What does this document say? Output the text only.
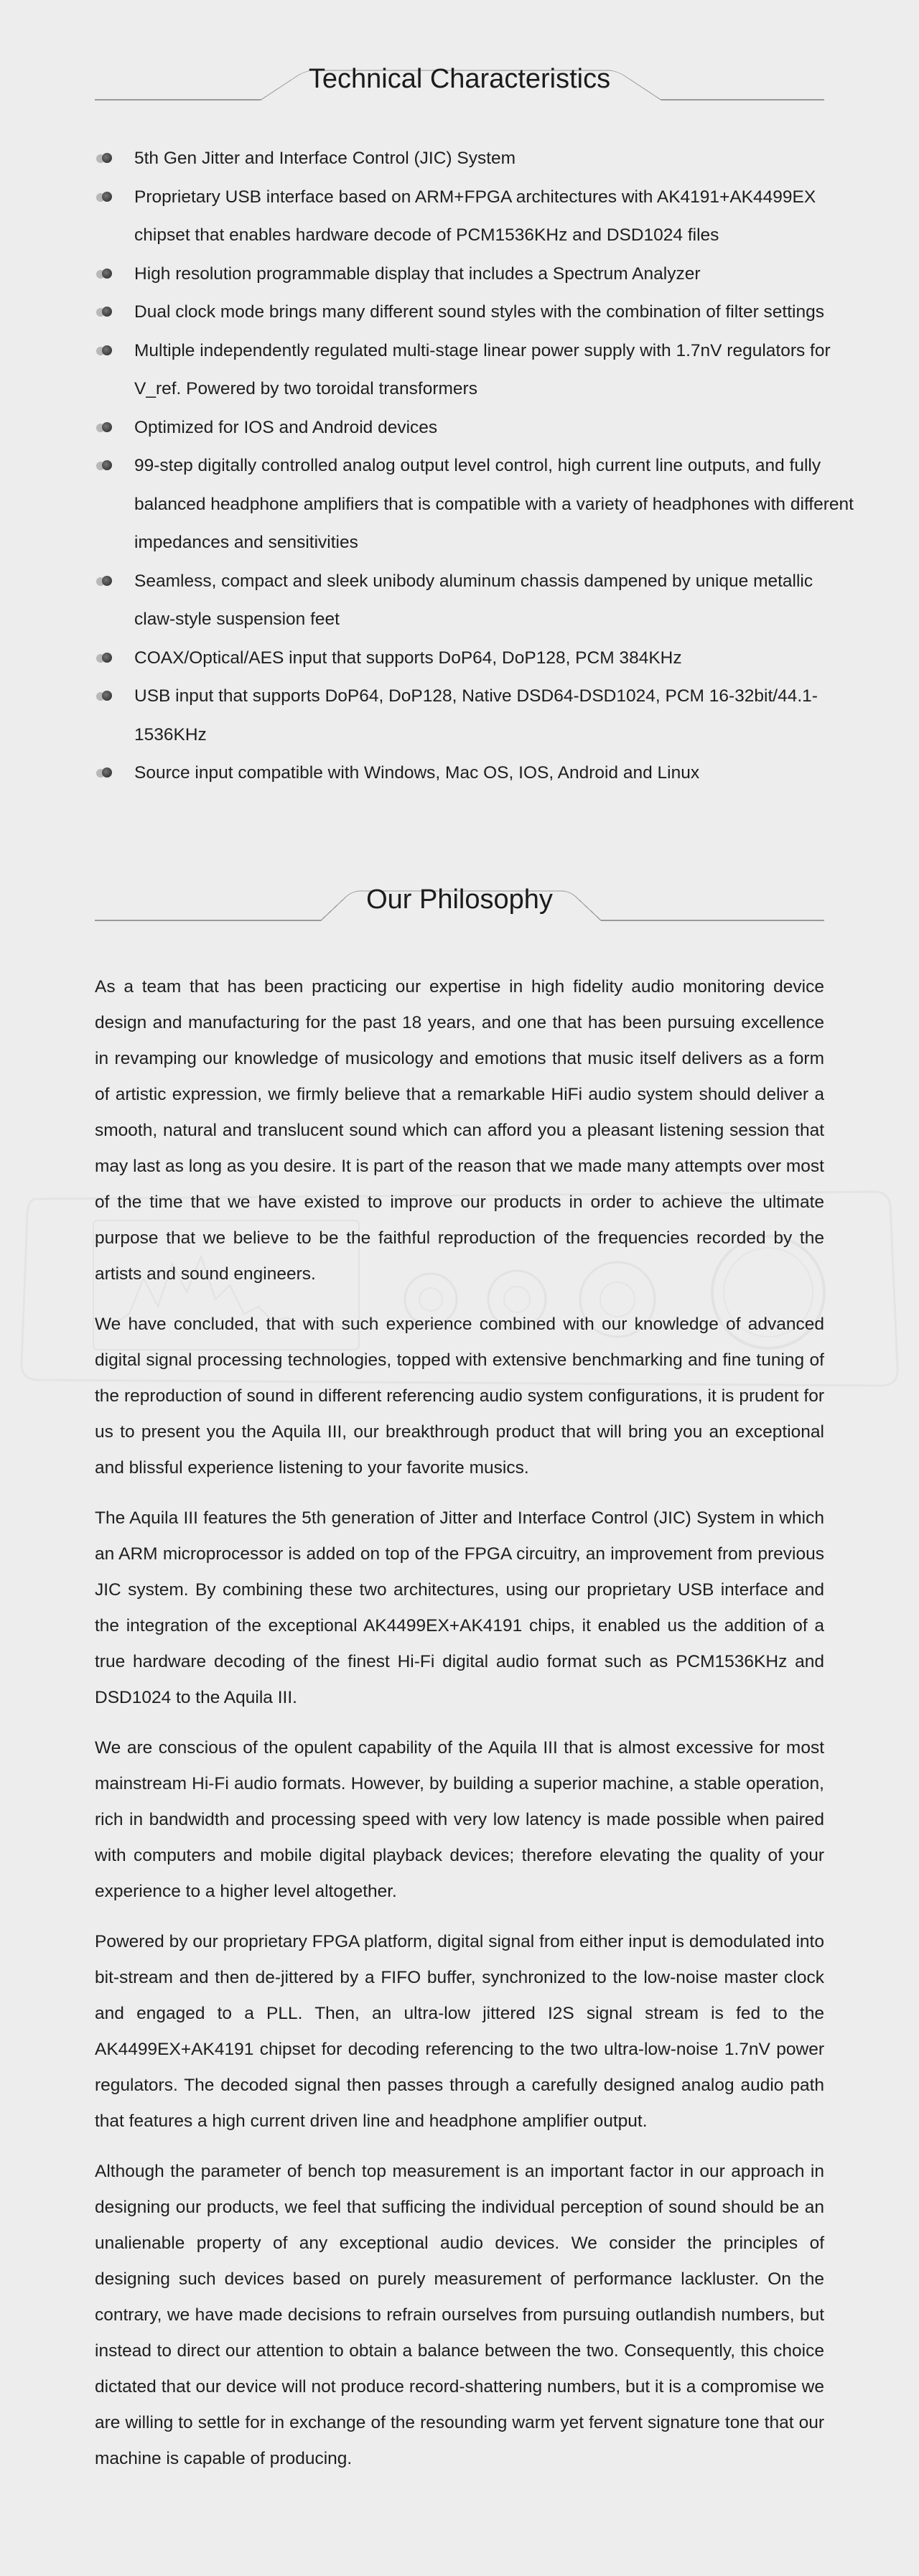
Technical Characteristics
5th Gen Jitter and Interface Control (JIC) System
Proprietary USB interface based on ARM+FPGA architectures with AK4191+AK4499EX chipset that enables hardware decode of PCM1536KHz and DSD1024 files
High resolution programmable display that includes a Spectrum Analyzer
Dual clock mode brings many different sound styles with the combination of filter settings
Multiple independently regulated multi-stage linear power supply with 1.7nV regulators for V_ref. Powered by two toroidal transformers
Optimized for IOS and Android devices
99-step digitally controlled analog output level control, high current line outputs, and fully balanced headphone amplifiers that is compatible with a variety of headphones with different impedances and sensitivities
Seamless, compact and sleek unibody aluminum chassis dampened by unique metallic claw-style suspension feet
COAX/Optical/AES input that supports DoP64, DoP128, PCM 384KHz
USB input that supports DoP64, DoP128, Native DSD64-DSD1024, PCM 16-32bit/44.1-1536KHz
Source input compatible with Windows, Mac OS, IOS, Android and Linux
Our Philosophy

As a team that has been practicing our expertise in high fidelity audio monitoring device design and manufacturing for the past 18 years, and one that has been pursuing excellence in revamping our knowledge of musicology and emotions that music itself delivers as a form of artistic expression, we firmly believe that a remarkable HiFi audio system should deliver a smooth, natural and translucent sound which can afford you a pleasant listening session that may last as long as you desire. It is part of the reason that we made many attempts over most of the time that we have existed to improve our products in order to achieve the ultimate purpose that we believe to be the faithful reproduction of the frequencies recorded by the artists and sound engineers.

We have concluded, that with such experience combined with our knowledge of advanced digital signal processing technologies, topped with extensive benchmarking and fine tuning of the reproduction of sound in different referencing audio system configurations, it is prudent for us to present you the Aquila III, our breakthrough product that will bring you an exceptional and blissful experience listening to your favorite musics.

The Aquila III features the 5th generation of Jitter and Interface Control (JIC) System in which an ARM microprocessor is added on top of the FPGA circuitry, an improvement from previous JIC system. By combining these two architectures, using our proprietary USB interface and the integration of the exceptional AK4499EX+AK4191 chips, it enabled us the addition of a true hardware decoding of the finest Hi-Fi digital audio format such as PCM1536KHz and DSD1024 to the Aquila III.

We are conscious of the opulent capability of the Aquila III that is almost excessive for most mainstream Hi-Fi audio formats. However, by building a superior machine, a stable operation, rich in bandwidth and processing speed with very low latency is made possible when paired with computers and mobile digital playback devices; therefore elevating the quality of your experience to a higher level altogether.

Powered by our proprietary FPGA platform, digital signal from either input is demodulated into bit-stream and then de-jittered by a FIFO buffer, synchronized to the low-noise master clock and engaged to a PLL. Then, an ultra-low jittered I2S signal stream is fed to the AK4499EX+AK4191 chipset for decoding referencing to the two ultra-low-noise 1.7nV power regulators. The decoded signal then passes through a carefully designed analog audio path that features a high current driven line and headphone amplifier output.

Although the parameter of bench top measurement is an important factor in our approach in designing our products, we feel that sufficing the individual perception of sound should be an unalienable property of any exceptional audio devices. We consider the principles of designing such devices based on purely measurement of performance lackluster. On the contrary, we have made decisions to refrain ourselves from pursuing outlandish numbers, but instead to direct our attention to obtain a balance between the two. Consequently, this choice dictated that our device will not produce record-shattering numbers, but it is a compromise we are willing to settle for in exchange of the resounding warm yet fervent signature tone that our machine is capable of producing.
